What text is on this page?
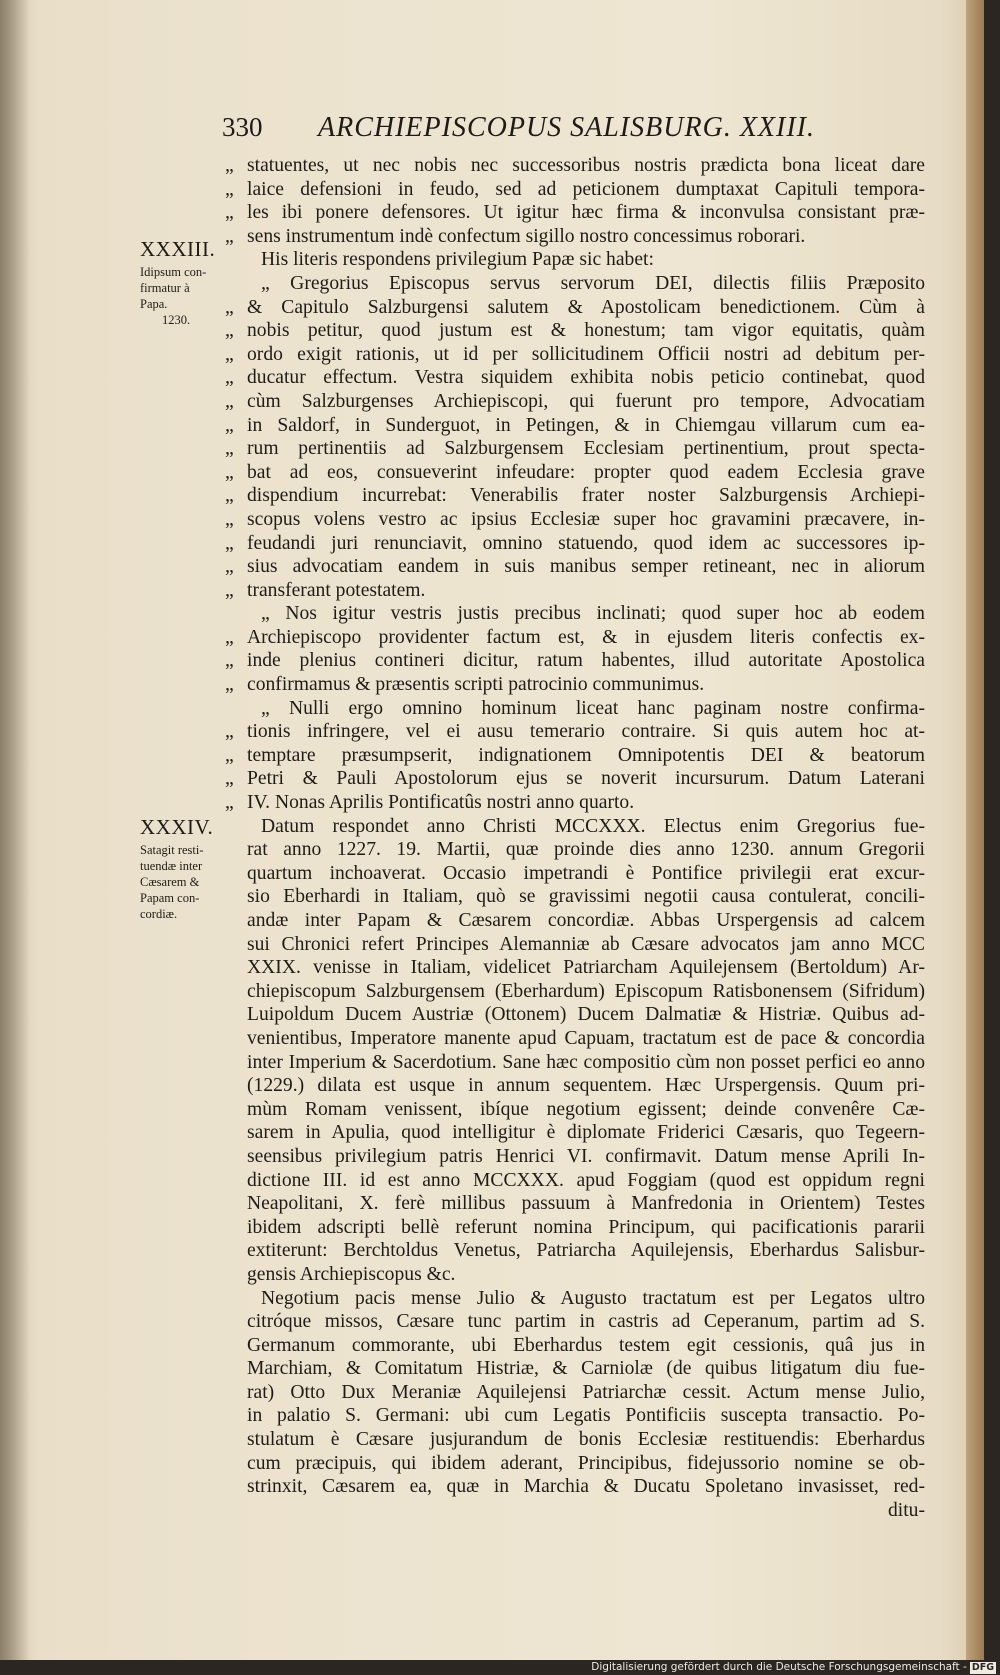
330 ARCHIEPISCOPUS SALISBURG. XXIII.
XXXIII.
Idipsum con-
firmatur à
Papa.
1230.
XXXIV.
Satagit resti-
tuendæ inter
Cæsarem &
Papam con-
cordiæ.
„ statuentes, ut nec nobis nec successoribus nostris prædicta bona liceat dare
„ laice defensioni in feudo, sed ad peticionem dumptaxat Capituli tempora-
„ les ibi ponere defensores. Ut igitur hæc firma & inconvulsa consistant præ-
„ sens instrumentum indè confectum sigillo nostro concessimus roborari.
His literis respondens privilegium Papæ sic habet:
„ Gregorius Episcopus servus servorum DEI, dilectis filiis Præposito
„ & Capitulo Salzburgensi salutem & Apostolicam benedictionem. Cùm à
„ nobis petitur, quod justum est & honestum; tam vigor equitatis, quàm
„ ordo exigit rationis, ut id per sollicitudinem Officii nostri ad debitum per-
„ ducatur effectum. Vestra siquidem exhibita nobis peticio continebat, quod
„ cùm Salzburgenses Archiepiscopi, qui fuerunt pro tempore, Advocatiam
„ in Saldorf, in Sunderguot, in Petingen, & in Chiemgau villarum cum ea-
„ rum pertinentiis ad Salzburgensem Ecclesiam pertinentium, prout specta-
„ bat ad eos, consueverint infeudare: propter quod eadem Ecclesia grave
„ dispendium incurrebat: Venerabilis frater noster Salzburgensis Archiepi-
„ scopus volens vestro ac ipsius Ecclesiæ super hoc gravamini præcavere, in-
„ feudandi juri renunciavit, omnino statuendo, quod idem ac successores ip-
„ sius advocatiam eandem in suis manibus semper retineant, nec in aliorum
„ transferant potestatem.
„ Nos igitur vestris justis precibus inclinati; quod super hoc ab eodem
„ Archiepiscopo providenter factum est, & in ejusdem literis confectis ex-
„ inde plenius contineri dicitur, ratum habentes, illud autoritate Apostolica
„ confirmamus & præsentis scripti patrocinio communimus.
„ Nulli ergo omnino hominum liceat hanc paginam nostre confirma-
„ tionis infringere, vel ei ausu temerario contraire. Si quis autem hoc at-
„ temptare præsumpserit, indignationem Omnipotentis DEI & beatorum
„ Petri & Pauli Apostolorum ejus se noverit incursurum. Datum Laterani
„ IV. Nonas Aprilis Pontificatûs nostri anno quarto.
Datum respondet anno Christi MCCXXX. Electus enim Gregorius fue-
rat anno 1227. 19. Martii, quæ proinde dies anno 1230. annum Gregorii
quartum inchoaverat. Occasio impetrandi è Pontifice privilegii erat excur-
sio Eberhardi in Italiam, quò se gravissimi negotii causa contulerat, concili-
andæ inter Papam & Cæsarem concordiæ. Abbas Urspergensis ad calcem
sui Chronici refert Principes Alemanniæ ab Cæsare advocatos jam anno MCC
XXIX. venisse in Italiam, videlicet Patriarcham Aquilejensem (Bertoldum) Ar-
chiepiscopum Salzburgensem (Eberhardum) Episcopum Ratisbonensem (Sifridum)
Luipoldum Ducem Austriæ (Ottonem) Ducem Dalmatiæ & Histriæ. Quibus ad-
venientibus, Imperatore manente apud Capuam, tractatum est de pace & concordia
inter Imperium & Sacerdotium. Sane hæc compositio cùm non posset perfici eo anno
(1229.) dilata est usque in annum sequentem. Hæc Urspergensis. Quum pri-
mùm Romam venissent, ibíque negotium egissent; deinde convenêre Cæ-
sarem in Apulia, quod intelligitur è diplomate Friderici Cæsaris, quo Tegeern-
seensibus privilegium patris Henrici VI. confirmavit. Datum mense Aprili In-
dictione III. id est anno MCCXXX. apud Foggiam (quod est oppidum regni
Neapolitani, X. ferè millibus passuum à Manfredonia in Orientem) Testes
ibidem adscripti bellè referunt nomina Principum, qui pacificationis pararii
extiterunt: Berchtoldus Venetus, Patriarcha Aquilejensis, Eberhardus Salisbur-
gensis Archiepiscopus &c.
Negotium pacis mense Julio & Augusto tractatum est per Legatos ultro
citróque missos, Cæsare tunc partim in castris ad Ceperanum, partim ad S.
Germanum commorante, ubi Eberhardus testem egit cessionis, quâ jus in
Marchiam, & Comitatum Histriæ, & Carniolæ (de quibus litigatum diu fue-
rat) Otto Dux Meraniæ Aquilejensi Patriarchæ cessit. Actum mense Julio,
in palatio S. Germani: ubi cum Legatis Pontificiis suscepta transactio. Po-
stulatum è Cæsare jusjurandum de bonis Ecclesiæ restituendis: Eberhardus
cum præcipuis, qui ibidem aderant, Principibus, fidejussorio nomine se ob-
strinxit, Cæsarem ea, quæ in Marchia & Ducatu Spoletano invasisset, red-
ditu-
Digitalisierung gefördert durch die Deutsche Forschungsgemeinschaft - DFG
